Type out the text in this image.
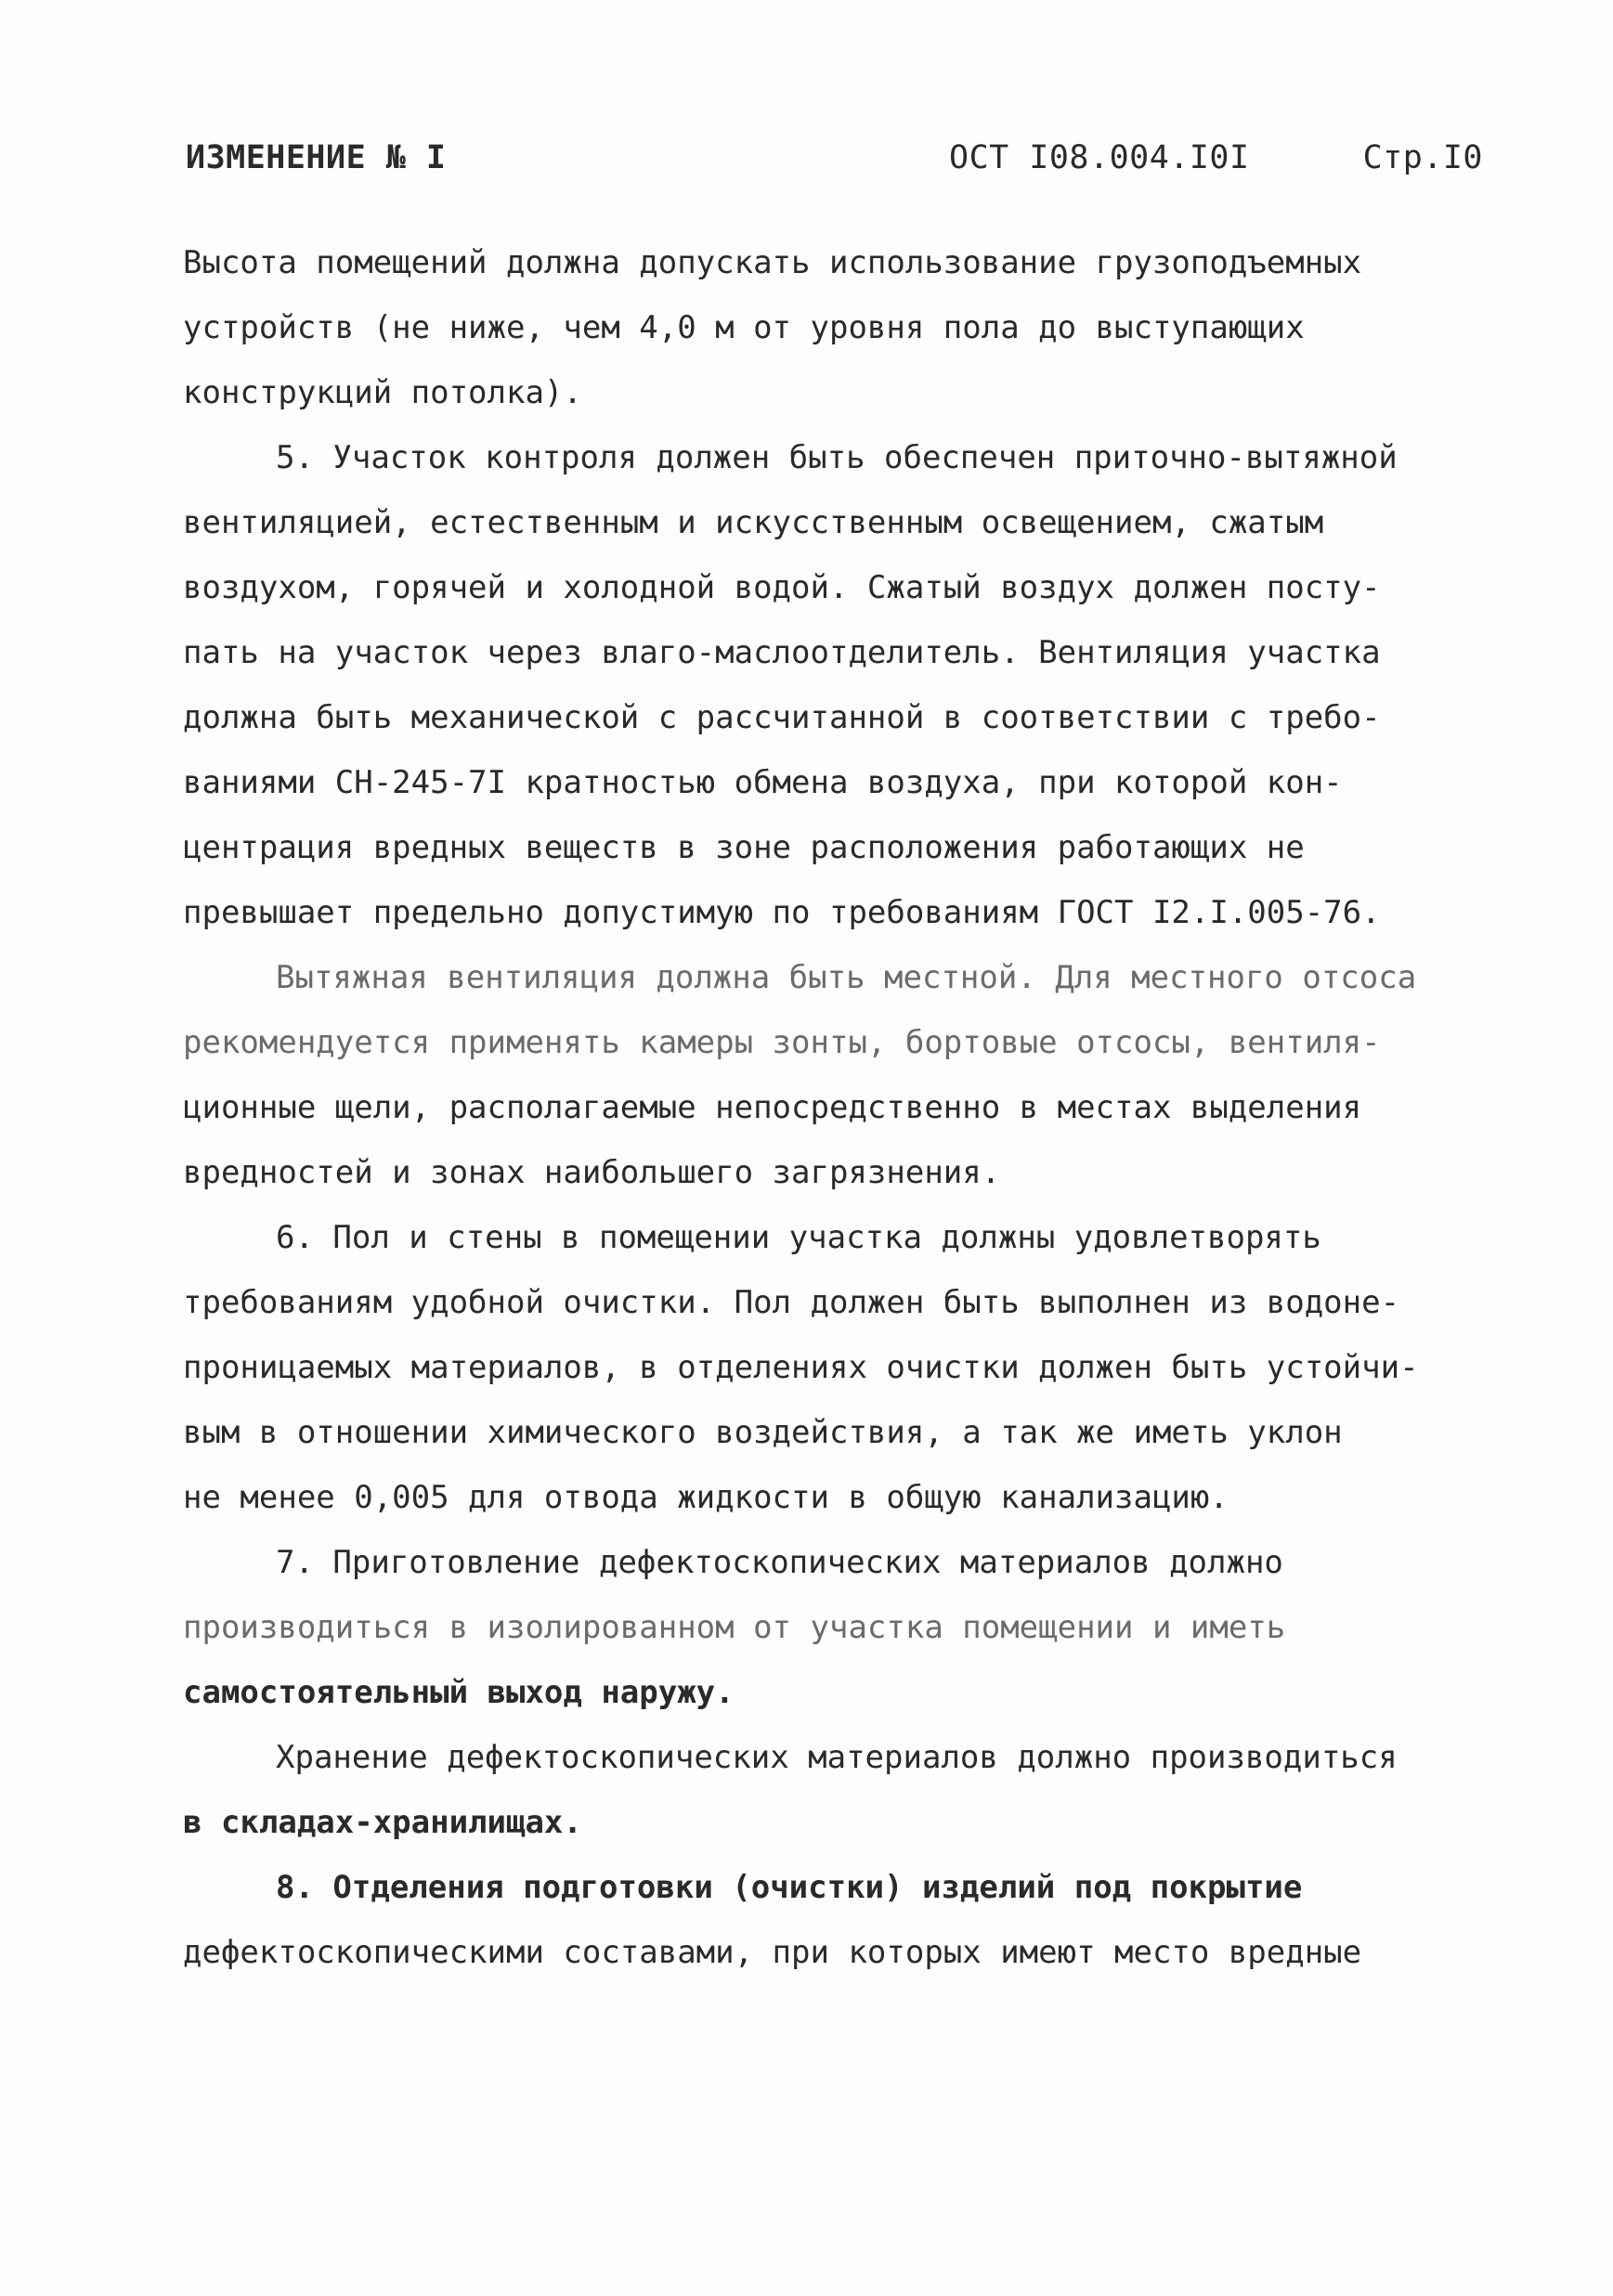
ИЗМЕНЕНИЕ № I	ОСТ I08.004.I0I	Стр.I0
Высота помещений должна допускать использование грузоподъемных
устройств (не ниже, чем 4,0 м от уровня пола до выступающих
конструкций потолка).
5. Участок контроля должен быть обеспечен приточно-вытяжной
вентиляцией, естественным и искусственным освещением, сжатым
воздухом, горячей и холодной водой. Сжатый воздух должен посту-
пать на участок через влаго-маслоотделитель. Вентиляция участка
должна быть механической с рассчитанной в соответствии с требо-
ваниями СН-245-7I кратностью обмена воздуха, при которой кон-
центрация вредных веществ в зоне расположения работающих не
превышает предельно допустимую по требованиям ГОСТ I2.I.005-76.
Вытяжная вентиляция должна быть местной. Для местного отсоса
рекомендуется применять камеры зонты, бортовые отсосы, вентиля-
ционные щели, располагаемые непосредственно в местах выделения
вредностей и зонах наибольшего загрязнения.
6. Пол и стены в помещении участка должны удовлетворять
требованиям удобной очистки. Пол должен быть выполнен из водоне-
проницаемых материалов, в отделениях очистки должен быть устойчи-
вым в отношении химического воздействия, а так же иметь уклон
не менее 0,005 для отвода жидкости в общую канализацию.
7. Приготовление дефектоскопических материалов должно
производиться в изолированном от участка помещении и иметь
самостоятельный выход наружу.
Хранение дефектоскопических материалов должно производиться
в складах-хранилищах.
8. Отделения подготовки (очистки) изделий под покрытие
дефектоскопическими составами, при которых имеют место вредные
